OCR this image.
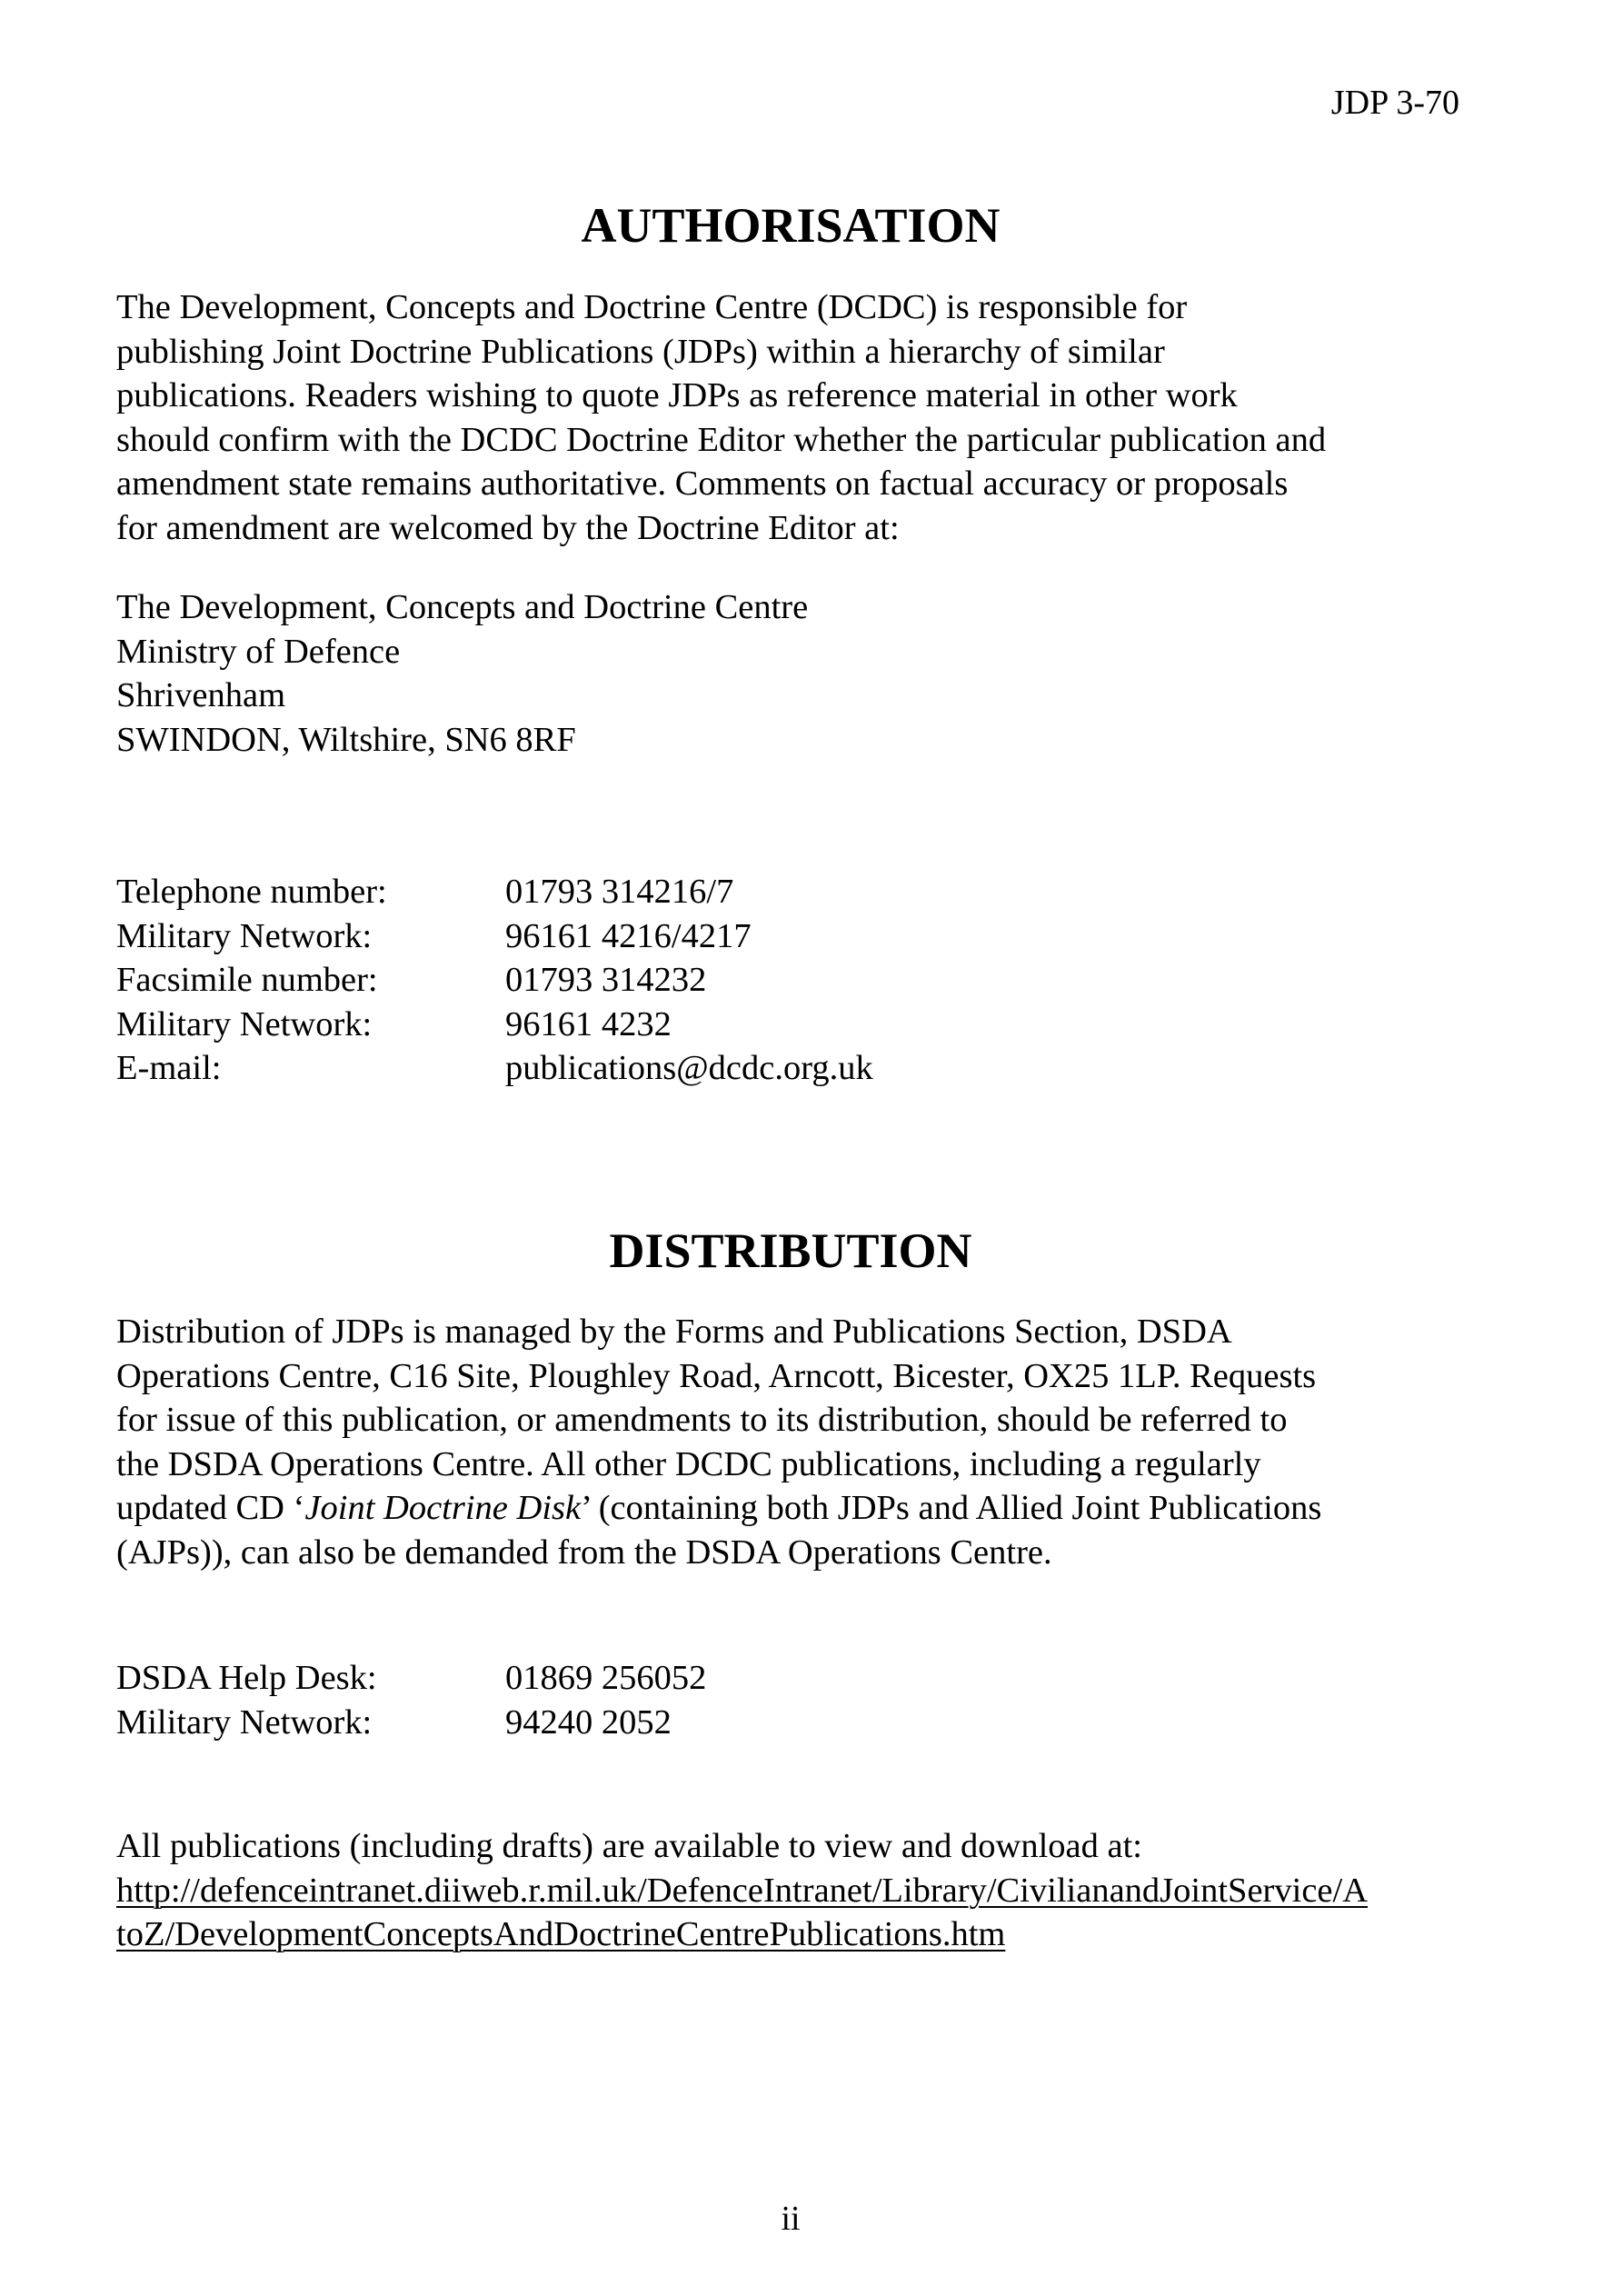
JDP 3-70
AUTHORISATION

The Development, Concepts and Doctrine Centre (DCDC) is responsible for
publishing Joint Doctrine Publications (JDPs) within a hierarchy of similar
publications. Readers wishing to quote JDPs as reference material in other work
should confirm with the DCDC Doctrine Editor whether the particular publication and
amendment state remains authoritative. Comments on factual accuracy or proposals
for amendment are welcomed by the Doctrine Editor at:

The Development, Concepts and Doctrine Centre
Ministry of Defence
Shrivenham
SWINDON, Wiltshire, SN6 8RF

Telephone number:	01793 314216/7
Military Network:	96161 4216/4217
Facsimile number:	01793 314232
Military Network:	96161 4232
E-mail:	publications@dcdc.org.uk
DISTRIBUTION

Distribution of JDPs is managed by the Forms and Publications Section, DSDA
Operations Centre, C16 Site, Ploughley Road, Arncott, Bicester, OX25 1LP. Requests
for issue of this publication, or amendments to its distribution, should be referred to
the DSDA Operations Centre. All other DCDC publications, including a regularly
updated CD ‘Joint Doctrine Disk’ (containing both JDPs and Allied Joint Publications
(AJPs)), can also be demanded from the DSDA Operations Centre.

DSDA Help Desk:	01869 256052
Military Network:	94240 2052

All publications (including drafts) are available to view and download at:
http://defenceintranet.diiweb.r.mil.uk/DefenceIntranet/Library/CivilianandJointService/A
toZ/DevelopmentConceptsAndDoctrineCentrePublications.htm

ii
